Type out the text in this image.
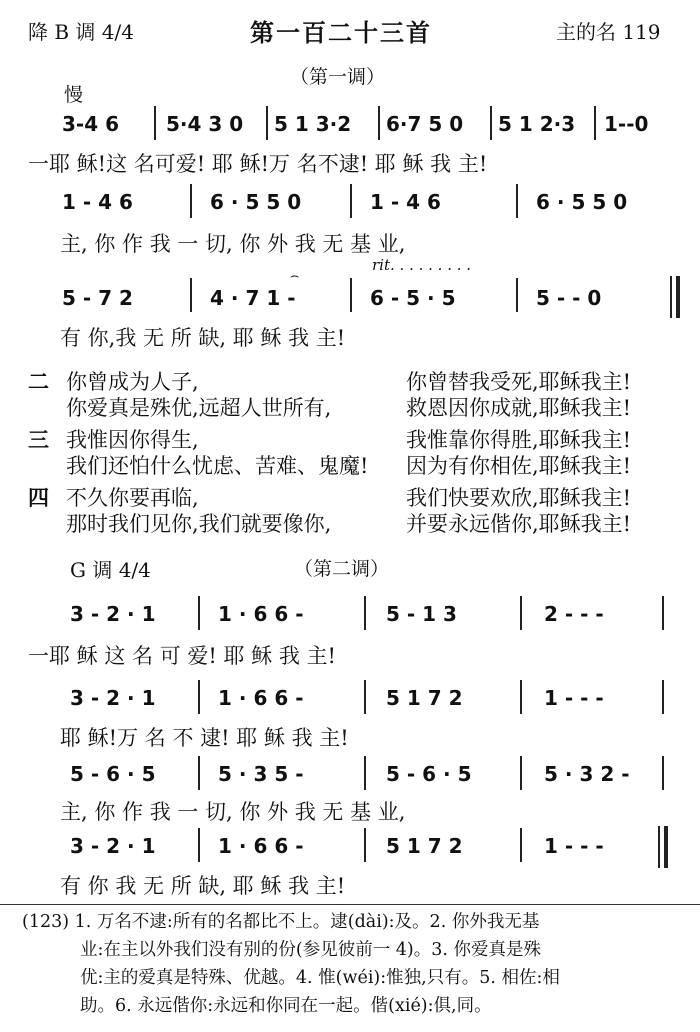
降 B 调 4/4	第一百二十三首	主的名 119
（第一调）
慢
3-4 6 5·4 3 0 5 1 3·2 6·7 5 0 5 1 2·3 1--0
一耶 稣!这 名可爱! 耶 稣!万 名不逮! 耶 稣 我 主!
1 - 4 6	6 · 5 5 0	1 - 4 6	6 · 5 5 0
主, 你 作 我 一 切, 你 外 我 无 基 业,
rit. . . . . . . . .
5 - 7 2	4 · 7 1 -
⌢
6 - 5 · 5	5 - - 0
有 你,我 无 所 缺, 耶 稣 我 主!
二 你曾成为人子,	你曾替我受死,耶稣我主!
你爱真是殊优,远超人世所有,	救恩因你成就,耶稣我主!
三 我惟因你得生,	我惟靠你得胜,耶稣我主!
我们还怕什么忧虑、苦难、鬼魔! 因为有你相佐,耶稣我主!
四 不久你要再临,	我们快要欢欣,耶稣我主!
那时我们见你,我们就要像你,	并要永远偕你,耶稣我主!
G 调 4/4	（第二调）
3 - 2 · 1	1 · 6 6 -	5 - 1 3	2 - - -
一耶 稣 这 名 可 爱! 耶 稣 我 主!
3 - 2 · 1	1 · 6 6 -	5 1 7 2	1 - - -
耶 稣!万 名 不 逮! 耶 稣 我 主!
5 - 6 · 5	5 · 3 5 -	5 - 6 · 5	5 · 3 2 -
主, 你 作 我 一 切, 你 外 我 无 基 业,
3 - 2 · 1	1 · 6 6 -	5 1 7 2	1 - - -
有 你 我 无 所 缺, 耶 稣 我 主!
(123) 1. 万名不逮:所有的名都比不上。逮(dài):及。2. 你外我无基
业:在主以外我们没有别的份(参见彼前一 4)。3. 你爱真是殊
优:主的爱真是特殊、优越。4. 惟(wéi):惟独,只有。5. 相佐:相
助。6. 永远偕你:永远和你同在一起。偕(xié):俱,同。
